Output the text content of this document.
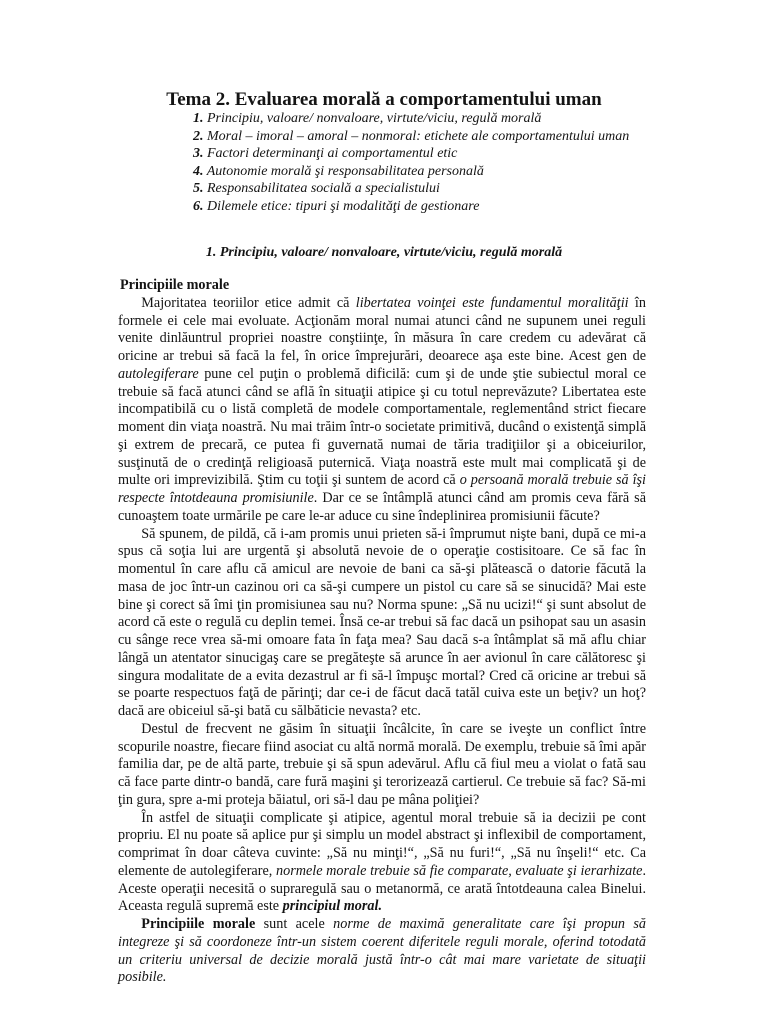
Tema 2. Evaluarea morală a comportamentului uman
1. Principiu, valoare/ nonvaloare, virtute/viciu, regulă morală
2. Moral – imoral – amoral – nonmoral: etichete ale comportamentului uman
3. Factori determinanţi ai comportamentul etic
4. Autonomie morală şi responsabilitatea personală
5. Responsabilitatea socială a specialistului
6. Dilemele etice: tipuri şi modalităţi de gestionare
1. Principiu, valoare/ nonvaloare, virtute/viciu, regulă morală
Principiile morale

  Majoritatea teoriilor etice admit că libertatea voinţei este fundamentul moralităţii în formele ei cele mai evoluate. Acţionăm moral numai atunci când ne supunem unei reguli venite dinlăuntrul propriei noastre conştiinţe, în măsura în care credem cu adevărat că oricine ar trebui să facă la fel, în orice împrejurări, deoarece aşa este bine. Acest gen de autolegiferare pune cel puţin o problemă dificilă: cum şi de unde ştie subiectul moral ce trebuie să facă atunci când se află în situaţii atipice şi cu totul neprevăzute? Libertatea este incompatibilă cu o listă completă de modele comportamentale, reglementând strict fiecare moment din viaţa noastră. Nu mai trăim într-o societate primitivă, ducând o existenţă simplă şi extrem de precară, ce putea fi guvernată numai de tăria tradiţiilor şi a obiceiurilor, susţinută de o credinţă religioasă puternică. Viaţa noastră este mult mai complicată şi de multe ori imprevizibilă. Ştim cu toţii şi suntem de acord că o persoană morală trebuie să îşi respecte întotdeauna promisiunile. Dar ce se întâmplă atunci când am promis ceva fără să cunoaştem toate urmările pe care le-ar aduce cu sine îndeplinirea promisiunii făcute?

  Să spunem, de pildă, că i-am promis unui prieten să-i împrumut nişte bani, după ce mi-a spus că soţia lui are urgentă şi absolută nevoie de o operaţie costisitoare. Ce să fac în momentul în care aflu că amicul are nevoie de bani ca să-şi plătească o datorie făcută la masa de joc într-un cazinou ori ca să-şi cumpere un pistol cu care să se sinucidă? Mai este bine şi corect să îmi ţin promisiunea sau nu? Norma spune: „Să nu ucizi!“ şi sunt absolut de acord că este o regulă cu deplin temei. Însă ce-ar trebui să fac dacă un psihopat sau un asasin cu sânge rece vrea să-mi omoare fata în faţa mea? Sau dacă s-a întâmplat să mă aflu chiar lângă un atentator sinucigaş care se pregăteşte să arunce în aer avionul în care călătoresc şi singura modalitate de a evita dezastrul ar fi să-l împuşc mortal? Cred că oricine ar trebui să se poarte respectuos faţă de părinţi; dar ce-i de făcut dacă tatăl cuiva este un beţiv? un hoţ? dacă are obiceiul să-şi bată cu sălbăticie nevasta? etc.

  Destul de frecvent ne găsim în situaţii încâlcite, în care se iveşte un conflict între scopurile noastre, fiecare fiind asociat cu altă normă morală. De exemplu, trebuie să îmi apăr familia dar, pe de altă parte, trebuie şi să spun adevărul. Aflu că fiul meu a violat o fată sau că face parte dintr-o bandă, care fură maşini şi terorizează cartierul. Ce trebuie să fac? Să-mi ţin gura, spre a-mi proteja băiatul, ori să-l dau pe mâna poliţiei?

  În astfel de situaţii complicate şi atipice, agentul moral trebuie să ia decizii pe cont propriu. El nu poate să aplice pur şi simplu un model abstract şi inflexibil de comportament, comprimat în doar câteva cuvinte: „Să nu minţi!“, „Să nu furi!“, „Să nu înşeli!“ etc. Ca elemente de autolegiferare, normele morale trebuie să fie comparate, evaluate şi ierarhizate. Aceste operaţii necesită o supraregulă sau o metanormă, ce arată întotdeauna calea Binelui. Aceasta regulă supremă este principiul moral.

  Principiile morale sunt acele norme de maximă generalitate care îşi propun să integreze şi să coordoneze într-un sistem coerent diferitele reguli morale, oferind totodată un criteriu universal de decizie morală justă într-o cât mai mare varietate de situaţii posibile.
